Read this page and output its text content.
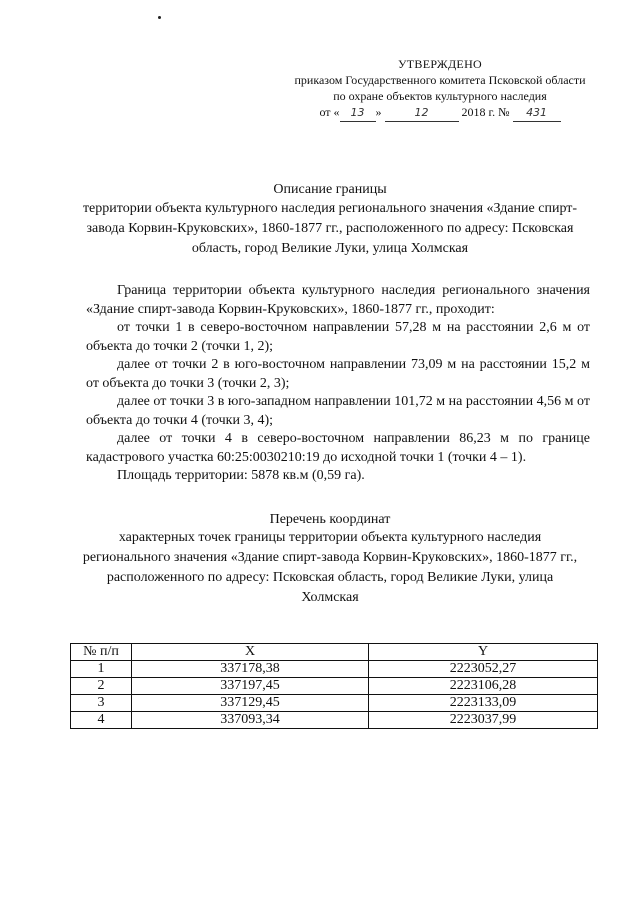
УТВЕРЖДЕНО
приказом Государственного комитета Псковской области
по охране объектов культурного наследия
от « 13 »	12	2018 г. № 431
Описание границы
территории объекта культурного наследия регионального значения «Здание спирт-завода Корвин-Круковских», 1860-1877 гг., расположенного по адресу: Псковская область, город Великие Луки, улица Холмская

Граница территории объекта культурного наследия регионального значения «Здание спирт-завода Корвин-Круковских», 1860-1877 гг., проходит:

от точки 1 в северо-восточном направлении 57,28 м на расстоянии 2,6 м от объекта до точки 2 (точки 1, 2);

далее от точки 2 в юго-восточном направлении 73,09 м на расстоянии 15,2 м от объекта до точки 3 (точки 2, 3);

далее от точки 3 в юго-западном направлении 101,72 м на расстоянии 4,56 м от объекта до точки 4 (точки 3, 4);

далее от точки 4 в северо-восточном направлении 86,23 м по границе кадастрового участка 60:25:0030210:19 до исходной точки 1 (точки 4 – 1).

Площадь территории: 5878 кв.м (0,59 га).

Перечень координат
характерных точек границы территории объекта культурного наследия регионального значения «Здание спирт-завода Корвин-Круковских», 1860-1877 гг., расположенного по адресу: Псковская область, город Великие Луки, улица Холмская
№ п/п	X	Y
1	337178,38	2223052,27
2	337197,45	2223106,28
3	337129,45	2223133,09
4	337093,34	2223037,99
